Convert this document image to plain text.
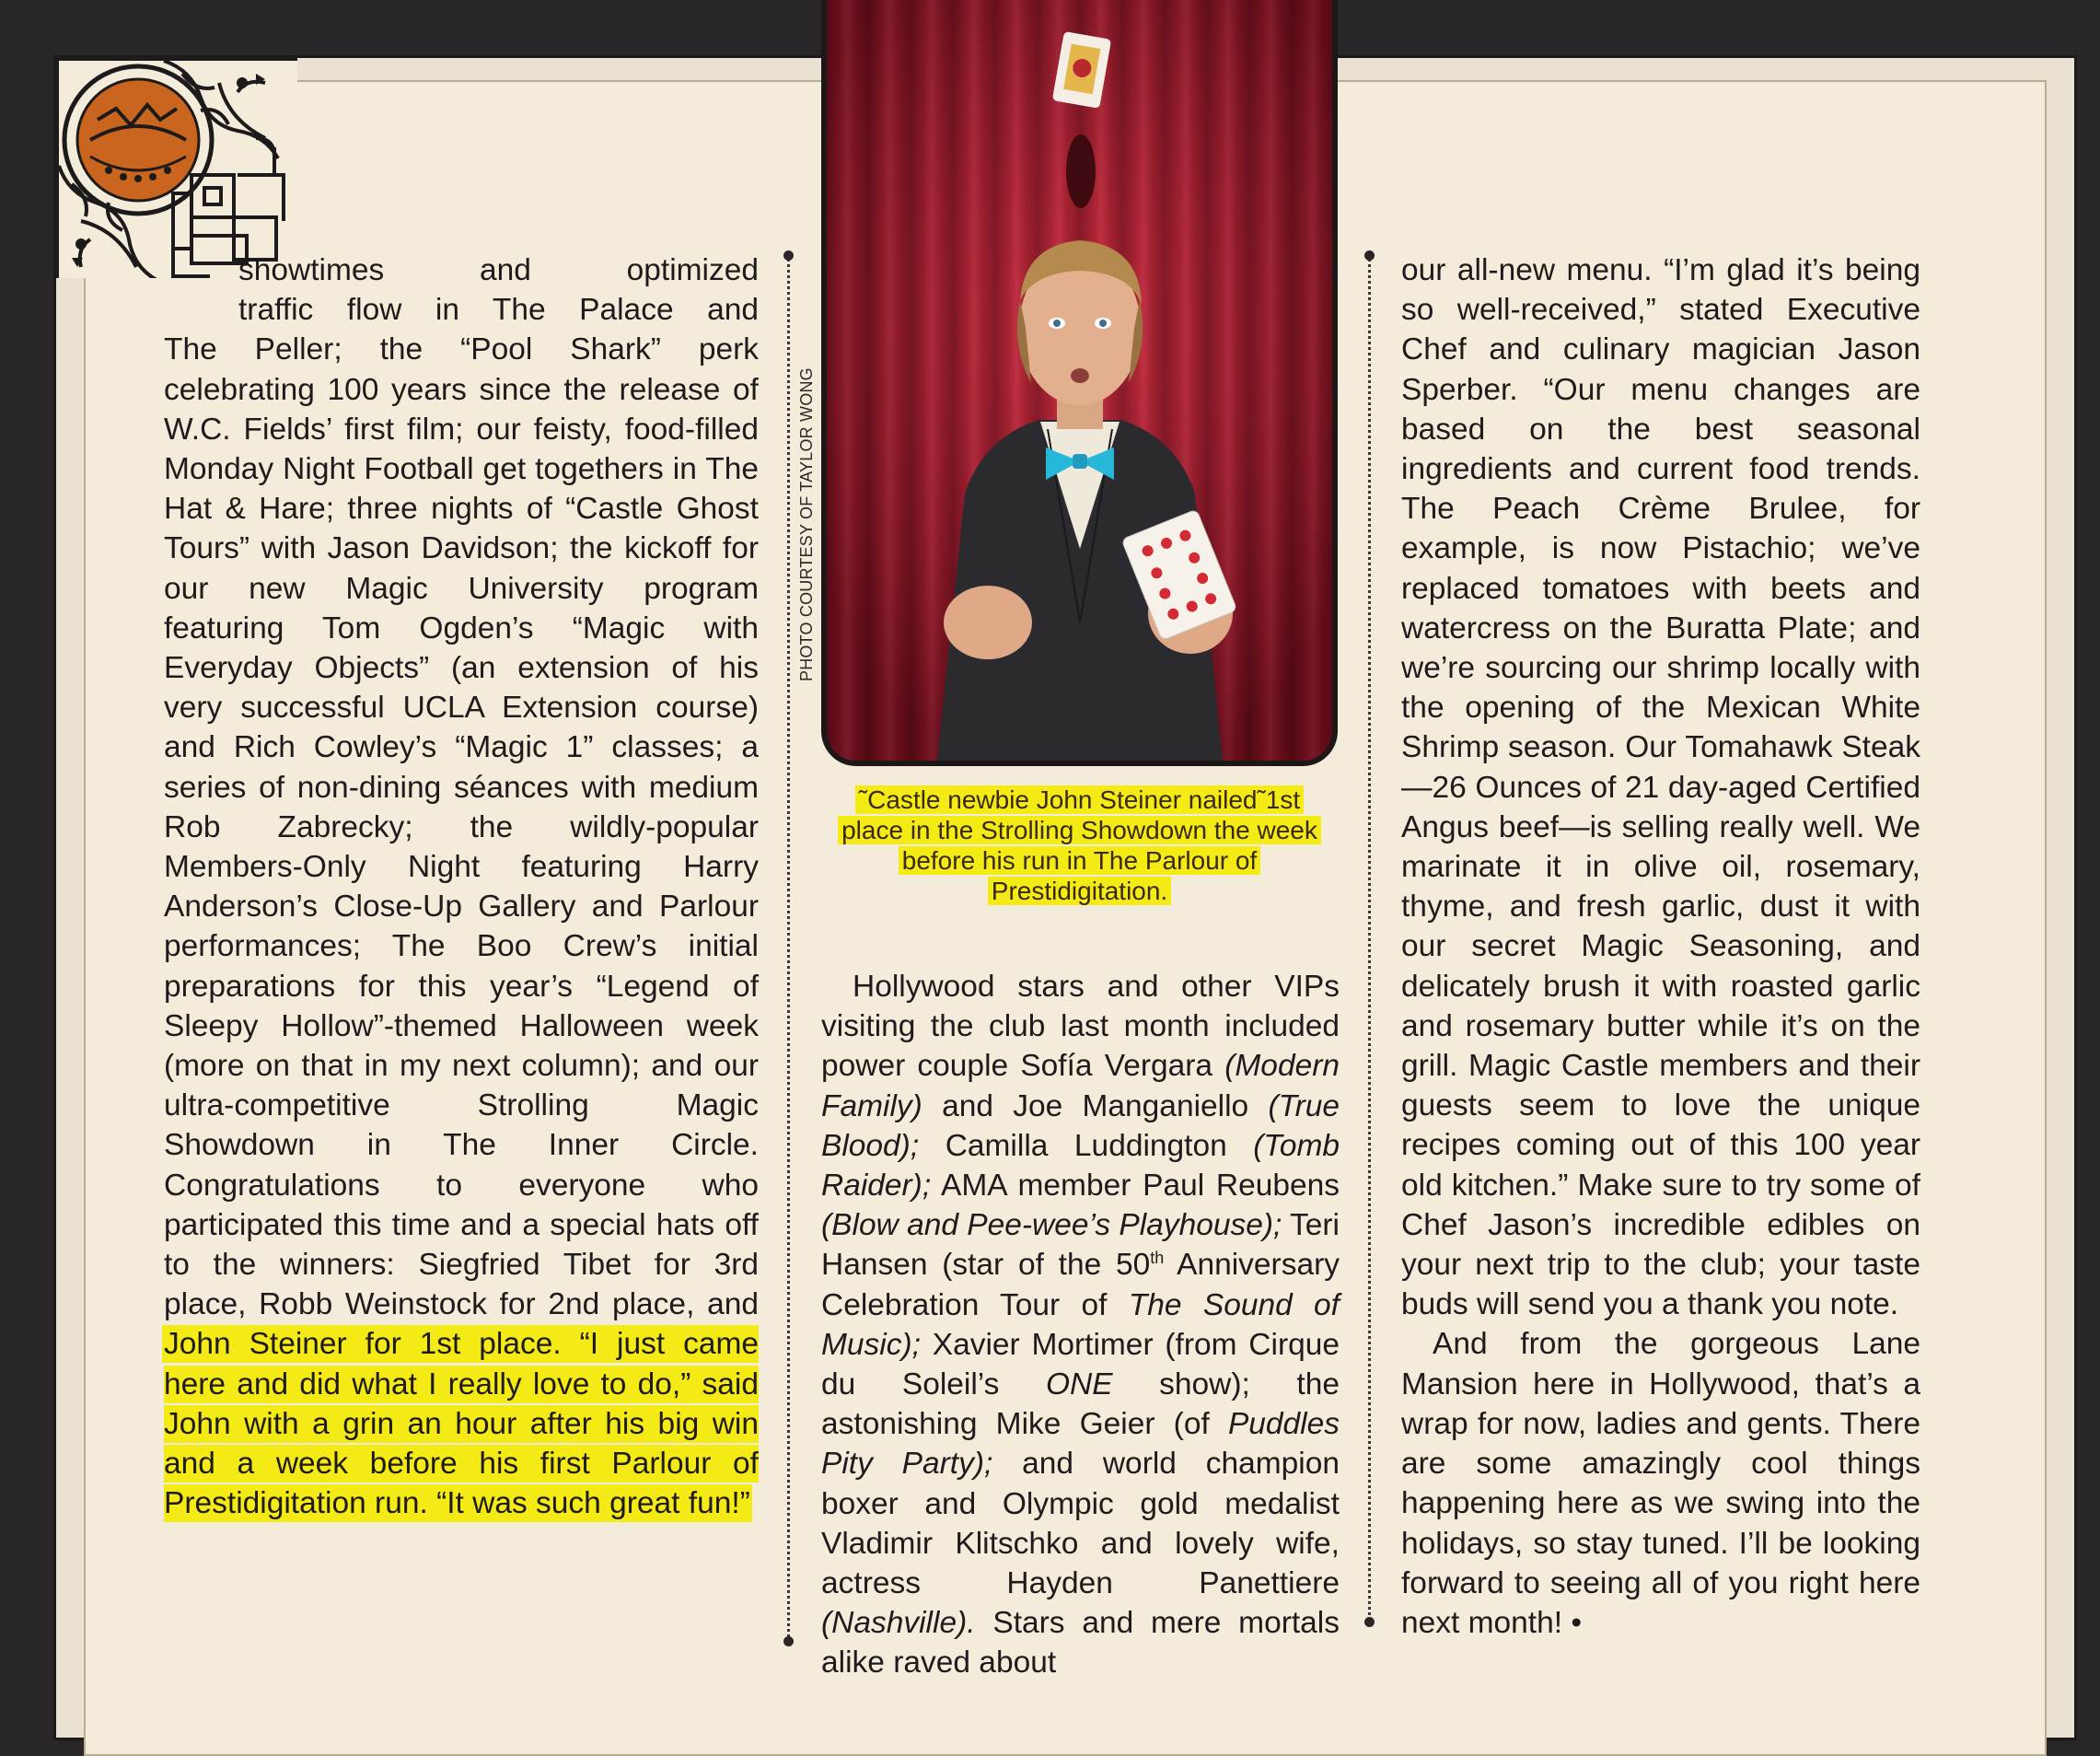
PHOTO COURTESY OF TAYLOR WONG
˜Castle newbie John Steiner nailed˜1st place in the Strolling Showdown the week before his run in The Parlour of Prestidigitation.

showtimes and optimized

traffic flow in The Palace and

The Peller; the “Pool Shark” perk celebrating 100 years since the release of W.C. Fields’ first film; our feisty, food-filled Monday Night Football get togethers in The Hat & Hare; three nights of “Castle Ghost Tours” with Jason Davidson; the kickoff for our new Magic University program featuring Tom Ogden’s “Magic with Everyday Objects” (an extension of his very successful UCLA Extension course) and Rich Cowley’s “Magic 1” classes; a series of non-dining séances with medium Rob Zabrecky; the wildly-popular Members-Only Night featuring Harry Anderson’s Close-Up Gallery and Parlour performances; The Boo Crew’s initial preparations for this year’s “Legend of Sleepy Hollow”-themed Halloween week (more on that in my next column); and our ultra-competitive Strolling Magic Showdown in The Inner Circle. Congratulations to everyone who participated this time and a special hats off to the winners: Siegfried Tibet for 3rd place, Robb Weinstock for 2nd place, and John Steiner for 1st place. “I just came here and did what I really love to do,” said John with a grin an hour after his big win and a week before his first Parlour of Prestidigitation run. “It was such great fun!”

Hollywood stars and other VIPs visiting the club last month included power couple Sofía Vergara (Modern Family) and Joe Manganiello (True Blood); Camilla Luddington (Tomb Raider); AMA member Paul Reubens (Blow and Pee-wee’s Playhouse); Teri Hansen (star of the 50th Anniversary Celebration Tour of The Sound of Music); Xavier Mortimer (from Cirque du Soleil’s ONE show); the astonishing Mike Geier (of Puddles Pity Party); and world champion boxer and Olympic gold medalist Vladimir Klitschko and lovely wife, actress Hayden Panettiere (Nashville). Stars and mere mortals alike raved about

our all-new menu. “I’m glad it’s being so well-received,” stated Executive Chef and culinary magician Jason Sperber. “Our menu changes are based on the best seasonal ingredients and current food trends. The Peach Crème Brulee, for example, is now Pistachio; we’ve replaced tomatoes with beets and watercress on the Buratta Plate; and we’re sourcing our shrimp locally with the opening of the Mexican White Shrimp season. Our Tomahawk Steak—26 Ounces of 21 day-aged Certified Angus beef—is selling really well. We marinate it in olive oil, rosemary, thyme, and fresh garlic, dust it with our secret Magic Seasoning, and delicately brush it with roasted garlic and rosemary butter while it’s on the grill. Magic Castle members and their guests seem to love the unique recipes coming out of this 100 year old kitchen.” Make sure to try some of Chef Jason’s incredible edibles on your next trip to the club; your taste buds will send you a thank you note.

And from the gorgeous Lane Mansion here in Hollywood, that’s a wrap for now, ladies and gents. There are some amazingly cool things happening here as we swing into the holidays, so stay tuned. I’ll be looking forward to seeing all of you right here next month! •
